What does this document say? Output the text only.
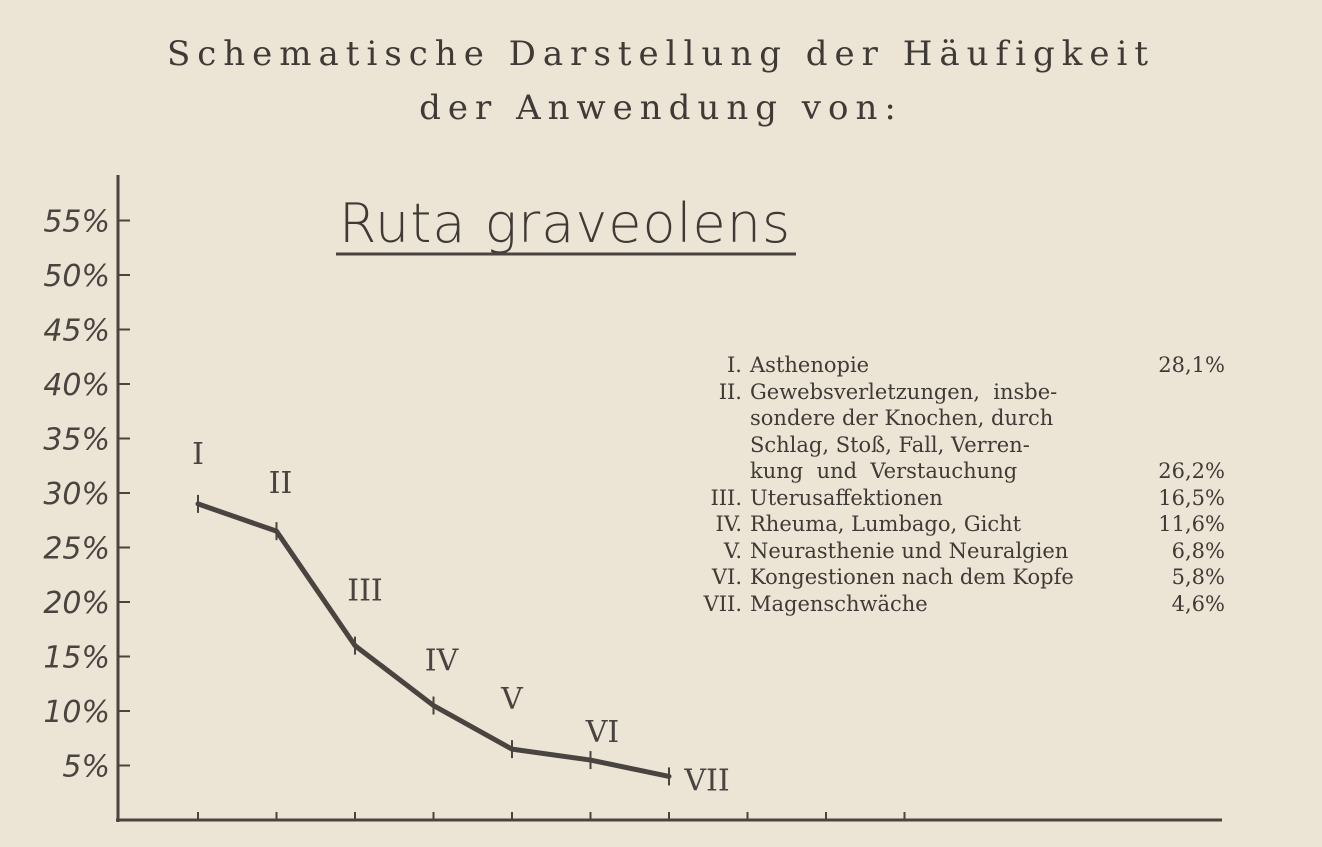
Schematische Darstellung der Häufigkeit
der Anwendung von:
5%
10%
15%
20%
25%
30%
35%
40%
45%
50%
55%	Ruta graveolens
I
II
III
IV
V
VI
VII
I. Asthenopie	28,1%
II. Gewebsverletzungen,  insbe-
sondere der Knochen, durch
Schlag, Stoß, Fall, Verren-
kung  und  Verstauchung	26,2%
III. Uterusaffektionen	16,5%
IV. Rheuma, Lumbago, Gicht	11,6%
V. Neurasthenie und Neuralgien	6,8%
VI. Kongestionen nach dem Kopfe	5,8%
VII. Magenschwäche	4,6%
